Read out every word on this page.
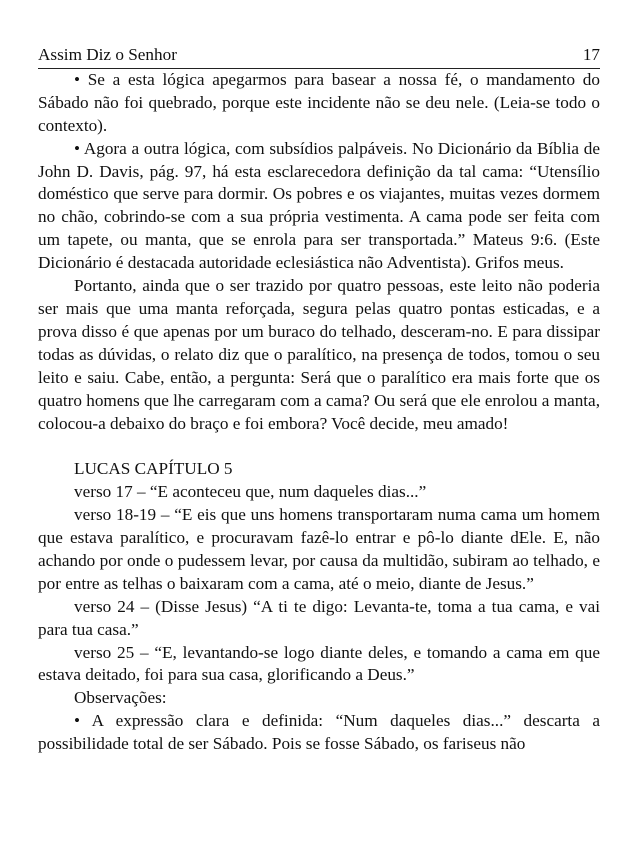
Assim Diz o Senhor	17

• Se a esta lógica apegarmos para basear a nossa fé, o mandamento do Sábado não foi quebrado, porque este incidente não se deu nele. (Leia-se todo o contexto).

• Agora a outra lógica, com subsídios palpáveis. No Dicionário da Bíblia de John D. Davis, pág. 97, há esta esclarecedora definição da tal cama: “Utensílio doméstico que serve para dormir. Os pobres e os viajantes, muitas vezes dormem no chão, cobrindo-se com a sua própria vestimenta. A cama pode ser feita com um tapete, ou manta, que se enrola para ser transportada.” Mateus 9:6. (Este Dicionário é destacada autoridade eclesiástica não Adventista). Grifos meus.

Portanto, ainda que o ser trazido por quatro pessoas, este leito não poderia ser mais que uma manta reforçada, segura pelas quatro pontas esticadas, e a prova disso é que apenas por um buraco do telhado, desceram-no. E para dissipar todas as dúvidas, o relato diz que o paralítico, na presença de todos, tomou o seu leito e saiu. Cabe, então, a pergunta: Será que o paralítico era mais forte que os quatro homens que lhe carregaram com a cama? Ou será que ele enrolou a manta, colocou-a debaixo do braço e foi embora? Você decide, meu amado!

LUCAS CAPÍTULO 5

verso 17 – “E aconteceu que, num daqueles dias...”

verso 18-19 – “E eis que uns homens transportaram numa cama um homem que estava paralítico, e procuravam fazê-lo entrar e pô-lo diante dEle. E, não achando por onde o pudessem levar, por causa da multidão, subiram ao telhado, e por entre as telhas o baixaram com a cama, até o meio, diante de Jesus.”

verso 24 – (Disse Jesus) “A ti te digo: Levanta-te, toma a tua cama, e vai para tua casa.”

verso 25 – “E, levantando-se logo diante deles, e tomando a cama em que estava deitado, foi para sua casa, glorificando a Deus.”

Observações:

• A expressão clara e definida: “Num daqueles dias...” descarta a possibilidade total de ser Sábado. Pois se fosse Sábado, os fariseus não
